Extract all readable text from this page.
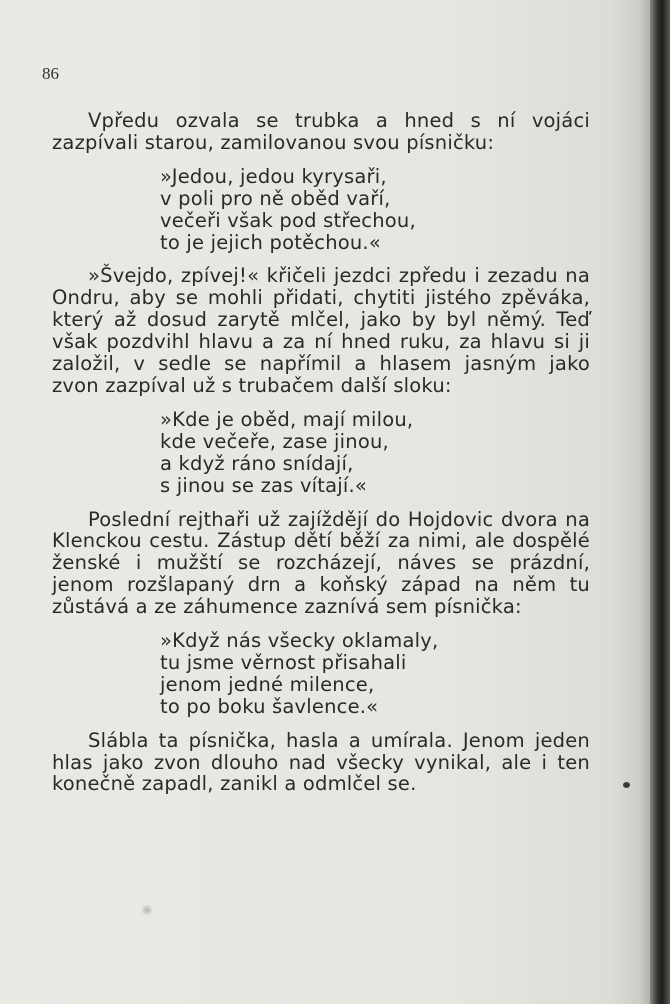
86

Vpředu ozvala se trubka a hned s ní vojáci zazpívali starou, zamilovanou svou písničku:

»Jedou, jedou kyrysaři,
v poli pro ně oběd vaří,
večeři však pod střechou,
to je jejich potěchou.«

»Švejdo, zpívej!« křičeli jezdci zpředu i zezadu na Ondru, aby se mohli přidati, chytiti jistého zpěváka, který až dosud zarytě mlčel, jako by byl němý. Teď však pozdvihl hlavu a za ní hned ruku, za hlavu si ji založil, v sedle se napřímil a hlasem jasným jako zvon zazpíval už s trubačem další sloku:

»Kde je oběd, mají milou,
kde večeře, zase jinou,
a když ráno snídají,
s jinou se zas vítají.«

Poslední rejthaři už zajíždějí do Hojdovic dvora na Klenckou cestu. Zástup dětí běží za nimi, ale dospělé ženské i mužští se rozcházejí, náves se prázdní, jenom rozšlapaný drn a koňský západ na něm tu zůstává a ze záhumence zaznívá sem písnička:

»Když nás všecky oklamaly,
tu jsme věrnost přisahali
jenom jedné milence,
to po boku šavlence.«

Slábla ta písnička, hasla a umírala. Jenom jeden hlas jako zvon dlouho nad všecky vynikal, ale i ten konečně zapadl, zanikl a odmlčel se.
